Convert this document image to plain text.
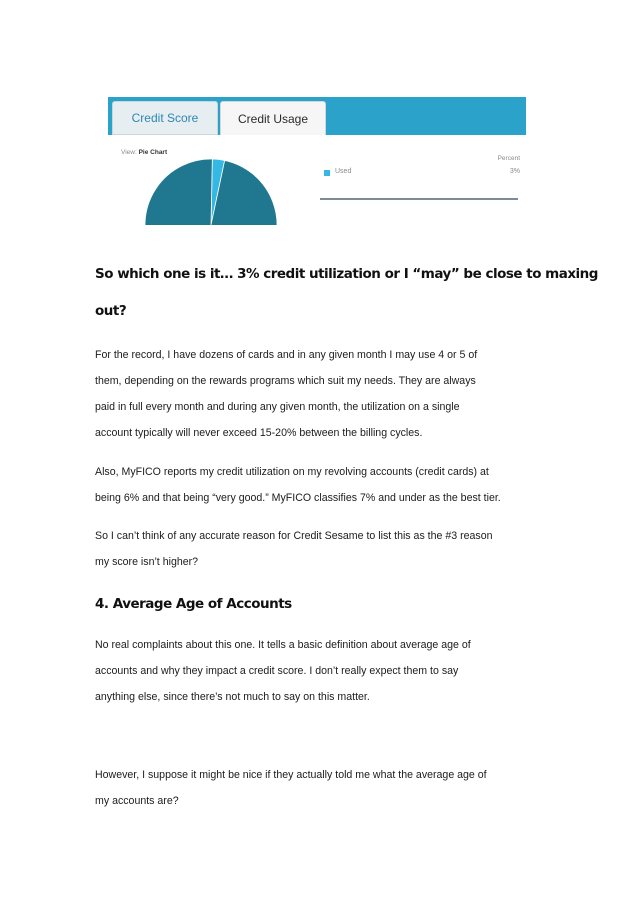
Credit Score	Credit Usage
View: Pie Chart
Percent
Used	3%

So which one is it… 3% credit utilization or I “may” be close to maxing

out?

For the record, I have dozens of cards and in any given month I may use 4 or 5 of
them, depending on the rewards programs which suit my needs. They are always
paid in full every month and during any given month, the utilization on a single
account typically will never exceed 15-20% between the billing cycles.
Also, MyFICO reports my credit utilization on my revolving accounts (credit cards) at
being 6% and that being “very good.” MyFICO classifies 7% and under as the best tier.
So I can’t think of any accurate reason for Credit Sesame to list this as the #3 reason
my score isn’t higher?

4. Average Age of Accounts

No real complaints about this one. It tells a basic definition about average age of
accounts and why they impact a credit score. I don’t really expect them to say
anything else, since there’s not much to say on this matter.
However, I suppose it might be nice if they actually told me what the average age of
my accounts are?
